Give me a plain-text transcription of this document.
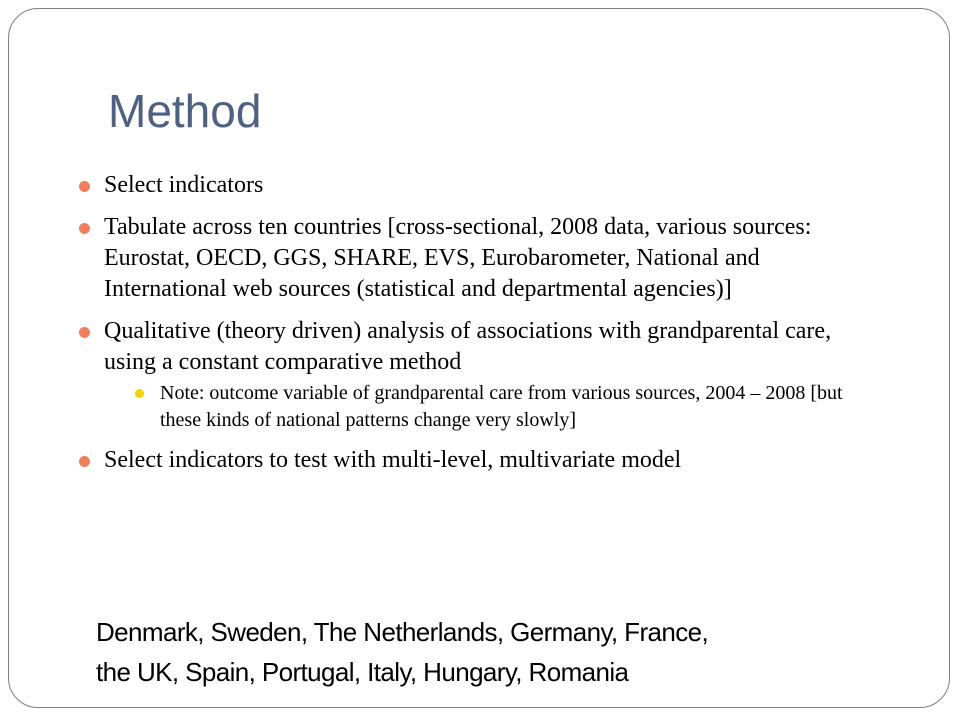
Method
Select indicators
Tabulate across ten countries [cross-sectional, 2008 data, various sources: Eurostat, OECD, GGS, SHARE, EVS, Eurobarometer, National and International web sources (statistical and departmental agencies)]
Qualitative (theory driven) analysis of associations with grandparental care, using a constant comparative method
Note: outcome variable of grandparental care from various sources, 2004 – 2008 [but these kinds of national patterns change very slowly]
Select indicators to test with multi-level, multivariate model
Denmark, Sweden, The Netherlands, Germany, France,
the UK, Spain, Portugal, Italy, Hungary, Romania
